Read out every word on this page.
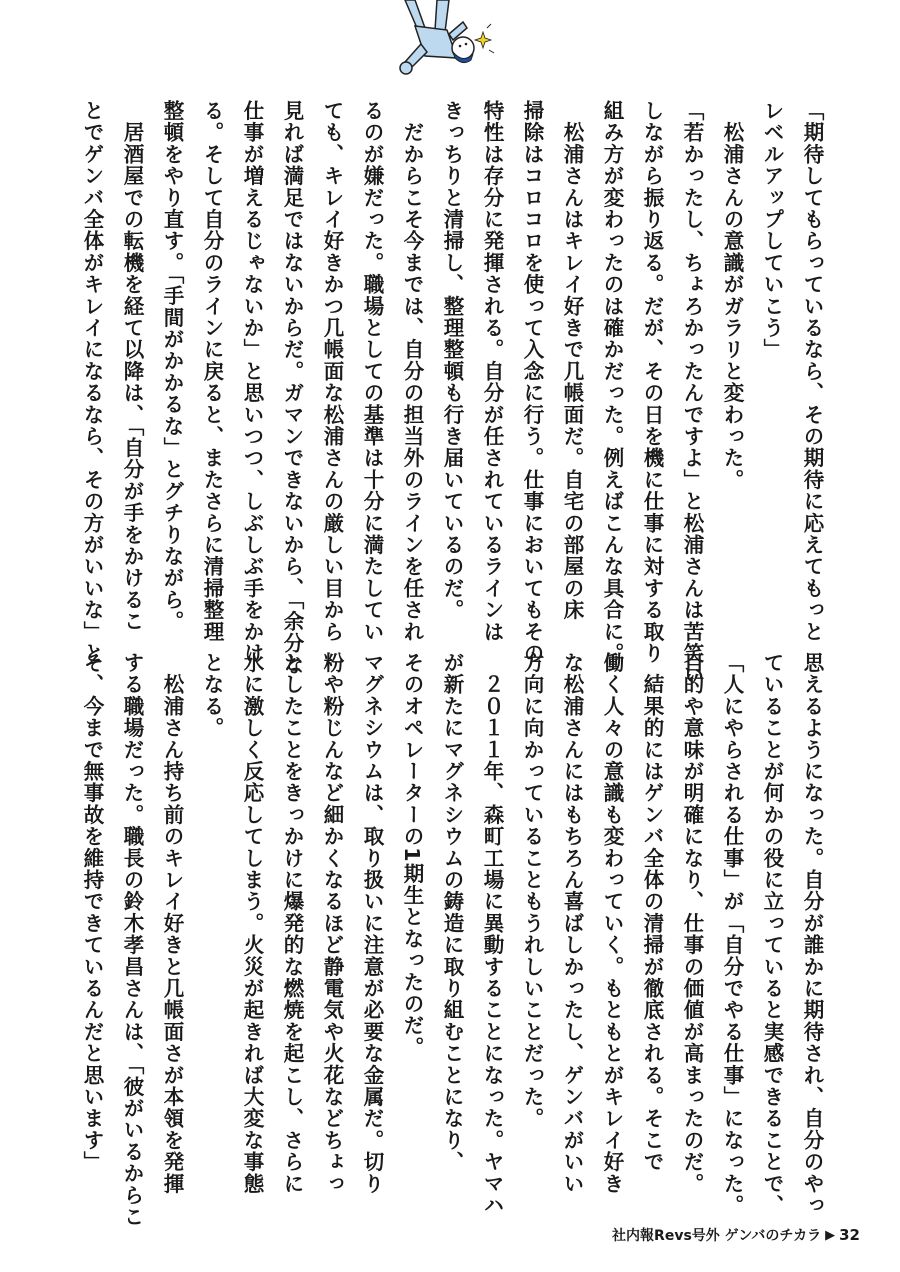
「期待してもらっているなら、その期待に応えてもっと

レベルアップしていこう」

　松浦さんの意識がガラリと変わった。

「若かったし、ちょろかったんですよ」と松浦さんは苦笑い

しながら振り返る。だが、その日を機に仕事に対する取り

組み方が変わったのは確かだった。例えばこんな具合に。

　松浦さんはキレイ好きで几帳面だ。自宅の部屋の床

掃除はコロコロを使って入念に行う。仕事においてもその

特性は存分に発揮される。自分が任されているラインは

きっちりと清掃し、整理整頓も行き届いているのだ。

　だからこそ今までは、自分の担当外のラインを任され

るのが嫌だった。職場としての基準は十分に満たしてい

ても、キレイ好きかつ几帳面な松浦さんの厳しい目から

見れば満足ではないからだ。ガマンできないから、「余分な

仕事が増えるじゃないか」と思いつつ、しぶしぶ手をかけ

る。そして自分のラインに戻ると、またさらに清掃整理

整頓をやり直す。「手間がかかるな」とグチりながら。

　居酒屋での転機を経て以降は、「自分が手をかけるこ

とでゲンバ全体がキレイになるなら、その方がいいな」と

思えるようになった。自分が誰かに期待され、自分のやっ

ていることが何かの役に立っていると実感できることで、

「人にやらされる仕事」が「自分でやる仕事」になった。

目的や意味が明確になり、仕事の価値が高まったのだ。

　結果的にはゲンバ全体の清掃が徹底される。そこで

働く人々の意識も変わっていく。もともとがキレイ好き

な松浦さんにはもちろん喜ばしかったし、ゲンバがいい

方向に向かっていることもうれしいことだった。

　２０１１年、森町工場に異動することになった。ヤマハ

が新たにマグネシウムの鋳造に取り組むことになり、

そのオペレーターの1期生となったのだ。

マグネシウムは、取り扱いに注意が必要な金属だ。切り

粉や粉じんなど細かくなるほど静電気や火花などちょっ

としたことをきっかけに爆発的な燃焼を起こし、さらに

水に激しく反応してしまう。火災が起きれば大変な事態

となる。

　松浦さん持ち前のキレイ好きと几帳面さが本領を発揮

する職場だった。職長の鈴木孝昌さんは、「彼がいるからこ

そ、今まで無事故を維持できているんだと思います」

社内報Revs号外 ゲンバのチカラ ▶ 32
